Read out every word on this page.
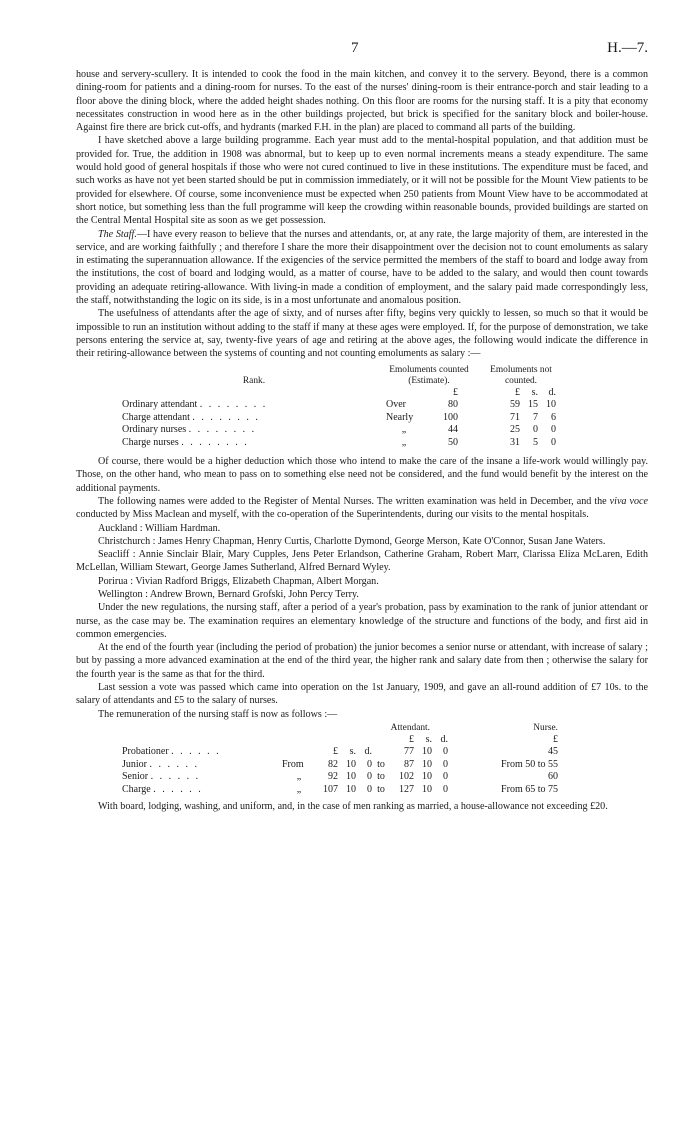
7	H.—7.

house and servery-scullery. It is intended to cook the food in the main kitchen, and convey it to the servery. Beyond, there is a common dining-room for patients and a dining-room for nurses. To the east of the nurses' dining-room is their entrance-porch and stair leading to a floor above the dining block, where the added height shades nothing. On this floor are rooms for the nursing staff. It is a pity that economy necessitates construction in wood here as in the other buildings projected, but brick is specified for the sanitary block and boiler-house. Against fire there are brick cut-offs, and hydrants (marked F.H. in the plan) are placed to command all parts of the building.

I have sketched above a large building programme. Each year must add to the mental-hospital population, and that addition must be provided for. True, the addition in 1908 was abnormal, but to keep up to even normal increments means a steady expenditure. The same would hold good of general hospitals if those who were not cured continued to live in these institutions. The expenditure must be faced, and such works as have not yet been started should be put in commission immediately, or it will not be possible for the Mount View patients to be provided for elsewhere. Of course, some inconvenience must be expected when 250 patients from Mount View have to be accommodated at short notice, but something less than the full programme will keep the crowding within reasonable bounds, provided buildings are started on the Central Mental Hospital site as soon as we get possession.

The Staff.—I have every reason to believe that the nurses and attendants, or, at any rate, the large majority of them, are interested in the service, and are working faithfully ; and therefore I share the more their disappointment over the decision not to count emoluments as salary in estimating the superannuation allowance. If the exigencies of the service permitted the members of the staff to board and lodge away from the institutions, the cost of board and lodging would, as a matter of course, have to be added to the salary, and would then count towards providing an adequate retiring-allowance. With living-in made a condition of employment, and the salary paid made correspondingly less, the staff, notwithstanding the logic on its side, is in a most unfortunate and anomalous position.

The usefulness of attendants after the age of sixty, and of nurses after fifty, begins very quickly to lessen, so much so that it would be impossible to run an institution without adding to the staff if many at these ages were employed. If, for the purpose of demonstration, we take persons entering the service at, say, twenty-five years of age and retiring at the above ages, the following would indicate the difference in their retiring-allowance between the systems of counting and not counting emoluments as salary :—

Rank.	Emoluments counted (Estimate).		Emoluments not counted.
		£	£ s. d.
Ordinary attendant . . . . . . . .	Over	80	59 15 10
Charge attendant . . . . . . . .	Nearly	100	71 7 6
Ordinary nurses . . . . . . . .	„	44	25 0 0
Charge nurses . . . . . . . .	„	50	31 5 0

Of course, there would be a higher deduction which those who intend to make the care of the insane a life-work would willingly pay. Those, on the other hand, who mean to pass on to something else need not be considered, and the fund would benefit by the interest on the additional payments.

The following names were added to the Register of Mental Nurses. The written examination was held in December, and the viva voce conducted by Miss Maclean and myself, with the co-operation of the Superintendents, during our visits to the mental hospitals.

Auckland : William Hardman.

Christchurch : James Henry Chapman, Henry Curtis, Charlotte Dymond, George Merson, Kate O'Connor, Susan Jane Waters.

Seacliff : Annie Sinclair Blair, Mary Cupples, Jens Peter Erlandson, Catherine Graham, Robert Marr, Clarissa Eliza McLaren, Edith McLellan, William Stewart, George James Sutherland, Alfred Bernard Wyley.

Porirua : Vivian Radford Briggs, Elizabeth Chapman, Albert Morgan.

Wellington : Andrew Brown, Bernard Grofski, John Percy Terry.

Under the new regulations, the nursing staff, after a period of a year's probation, pass by examination to the rank of junior attendant or nurse, as the case may be. The examination requires an elementary knowledge of the structure and functions of the body, and first aid in common emergencies.

At the end of the fourth year (including the period of probation) the junior becomes a senior nurse or attendant, with increase of salary ; but by passing a more advanced examination at the end of the third year, the higher rank and salary date from then ; otherwise the salary for the fourth year is the same as that for the third.

Last session a vote was passed which came into operation on the 1st January, 1909, and gave an all-round addition of £7 10s. to the salary of attendants and £5 to the salary of nurses.

The remuneration of the nursing staff is now as follows :—

	Attendant.								Nurse.
						£	s.	d.	£
Probationer . . . . . .		£	s.	d.		77	10	0	45
Junior . . . . . .	From	82	10	0	to	87	10	0	From 50 to 55
Senior . . . . . .	„	92	10	0	to	102	10	0	60
Charge . . . . . .	„	107	10	0	to	127	10	0	From 65 to 75

With board, lodging, washing, and uniform, and, in the case of men ranking as married, a house-allowance not exceeding £20.
